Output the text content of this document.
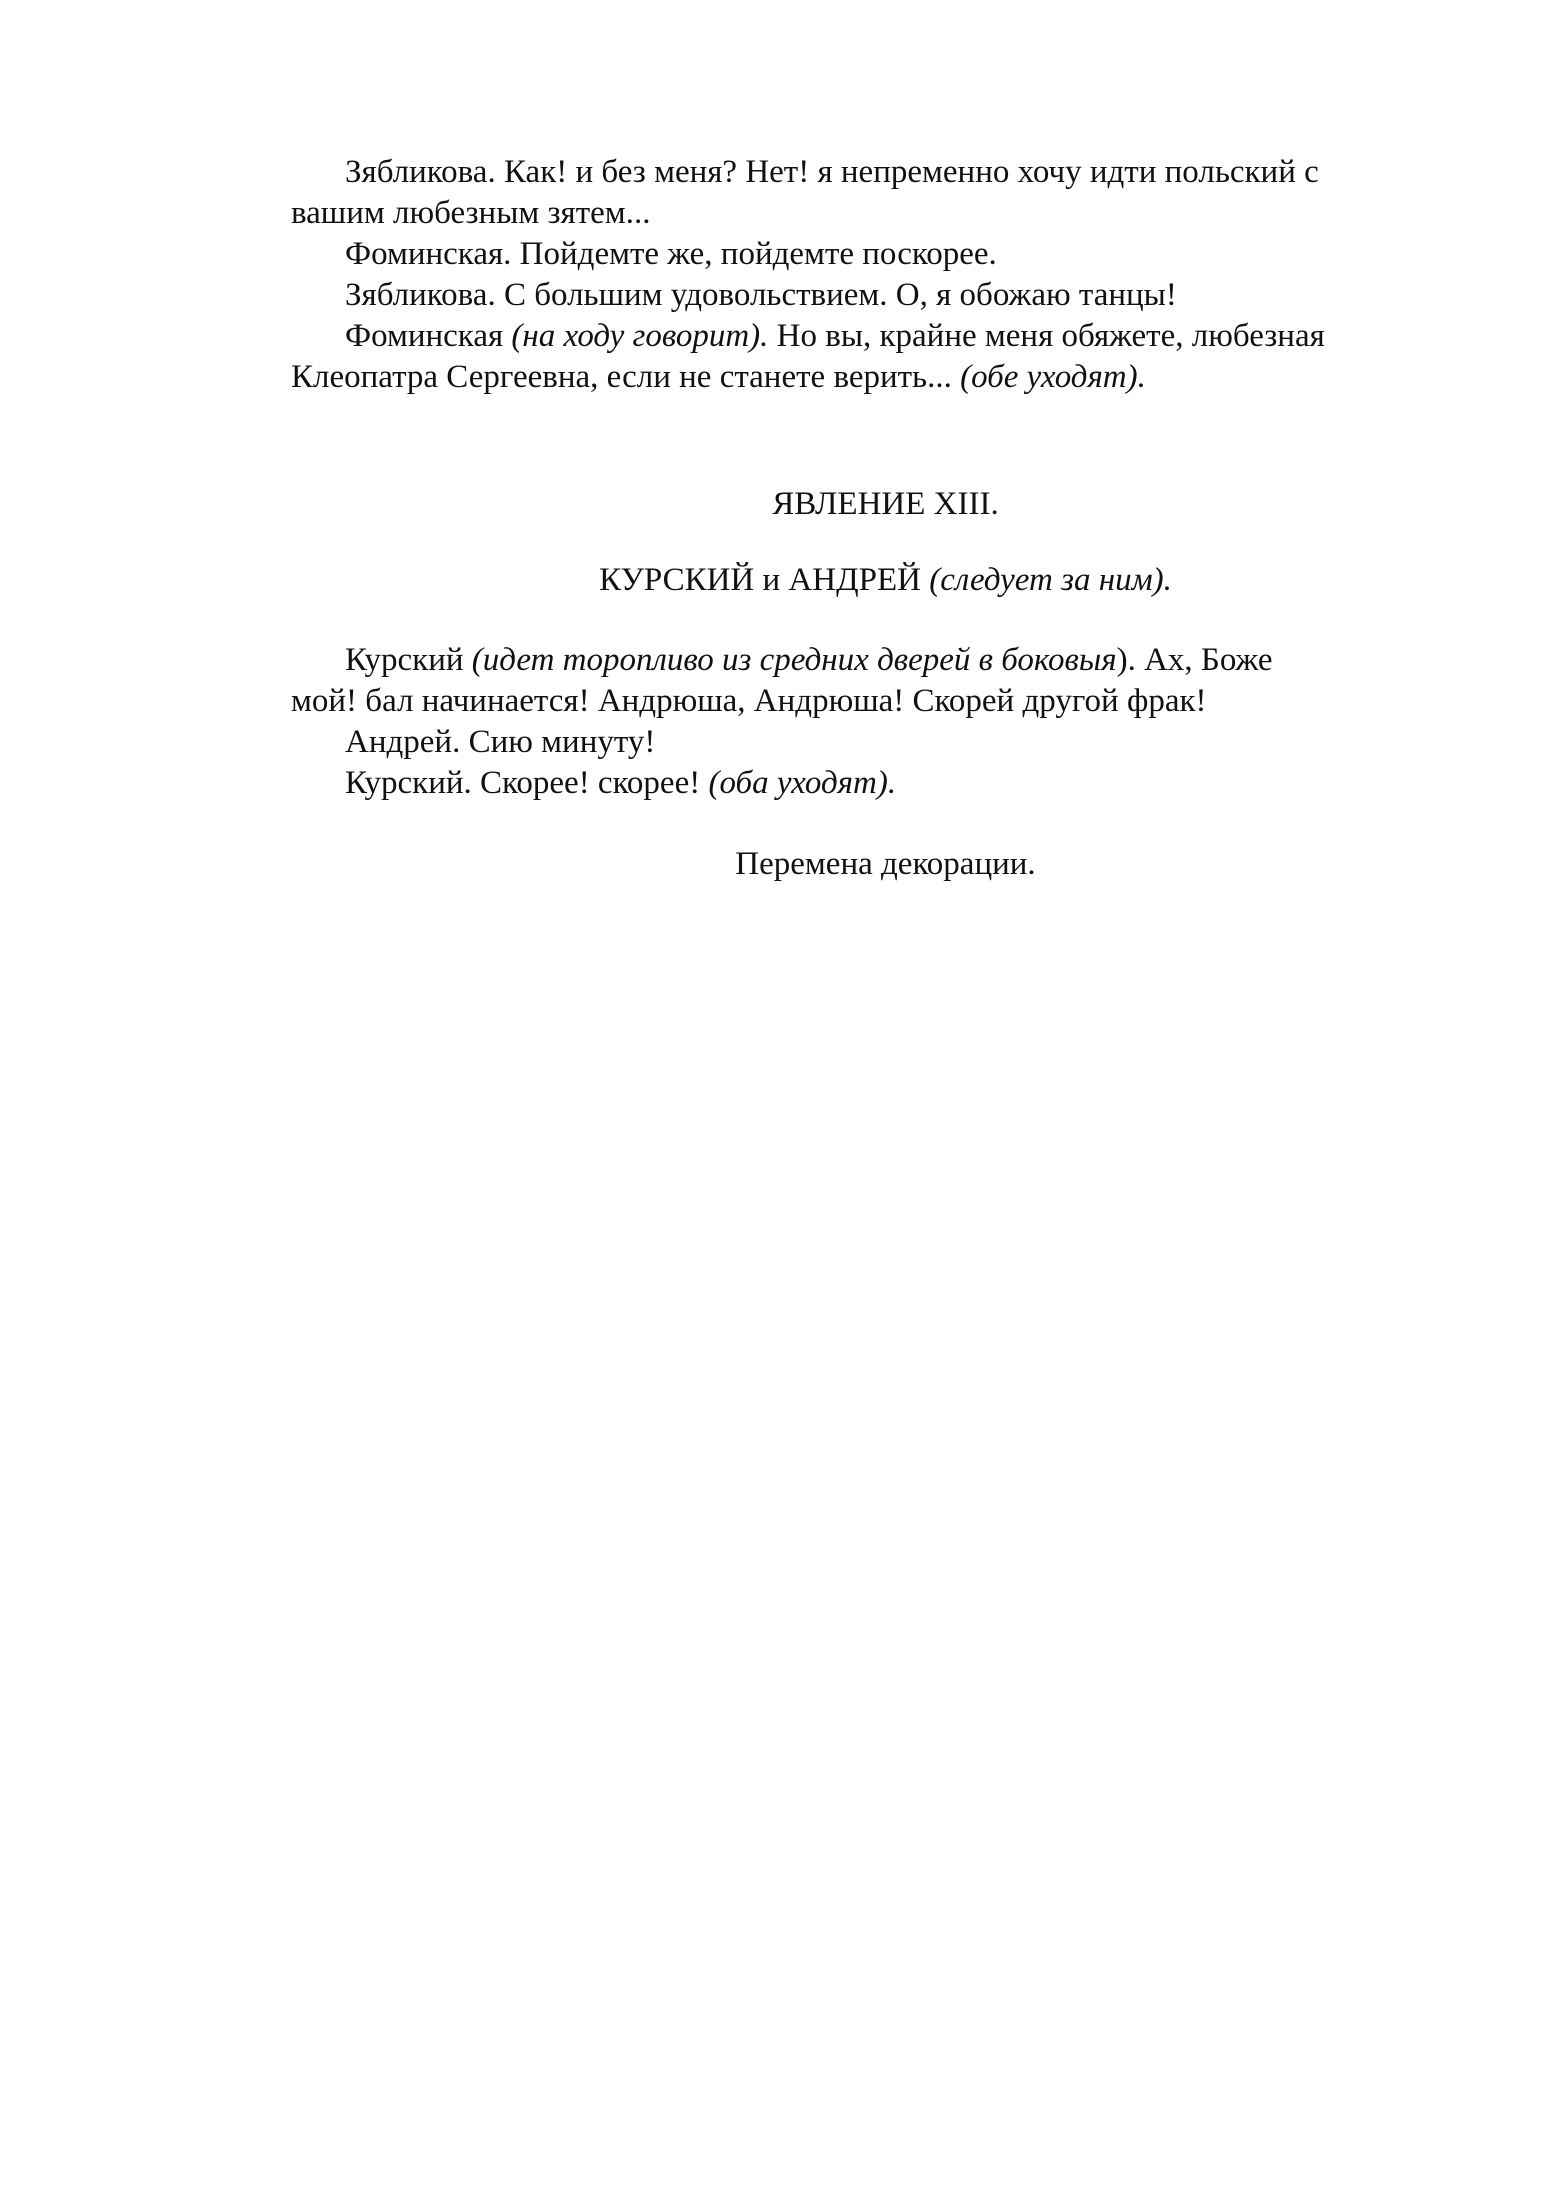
Зябликова. Как! и без меня? Нет! я непременно хочу идти польский с
вашим любезным зятем...

Фоминская. Пойдемте же, пойдемте поскорее.

Зябликова. С большим удовольствием. О, я обожаю танцы!

Фоминская (на ходу говорит). Но вы, крайне меня обяжете, любезная
Клеопатра Сергеевна, если не станете верить... (обе уходят).

ЯВЛЕНИЕ XIII.
КУРСКИЙ и АНДРЕЙ (следует за ним).

Курский (идет торопливо из средних дверей в боковыя). Ах, Боже
мой! бал начинается! Андрюша, Андрюша! Скорей другой фрак!

Андрей. Сию минуту!

Курский. Скорее! скорее! (оба уходят).

Перемена декорации.
